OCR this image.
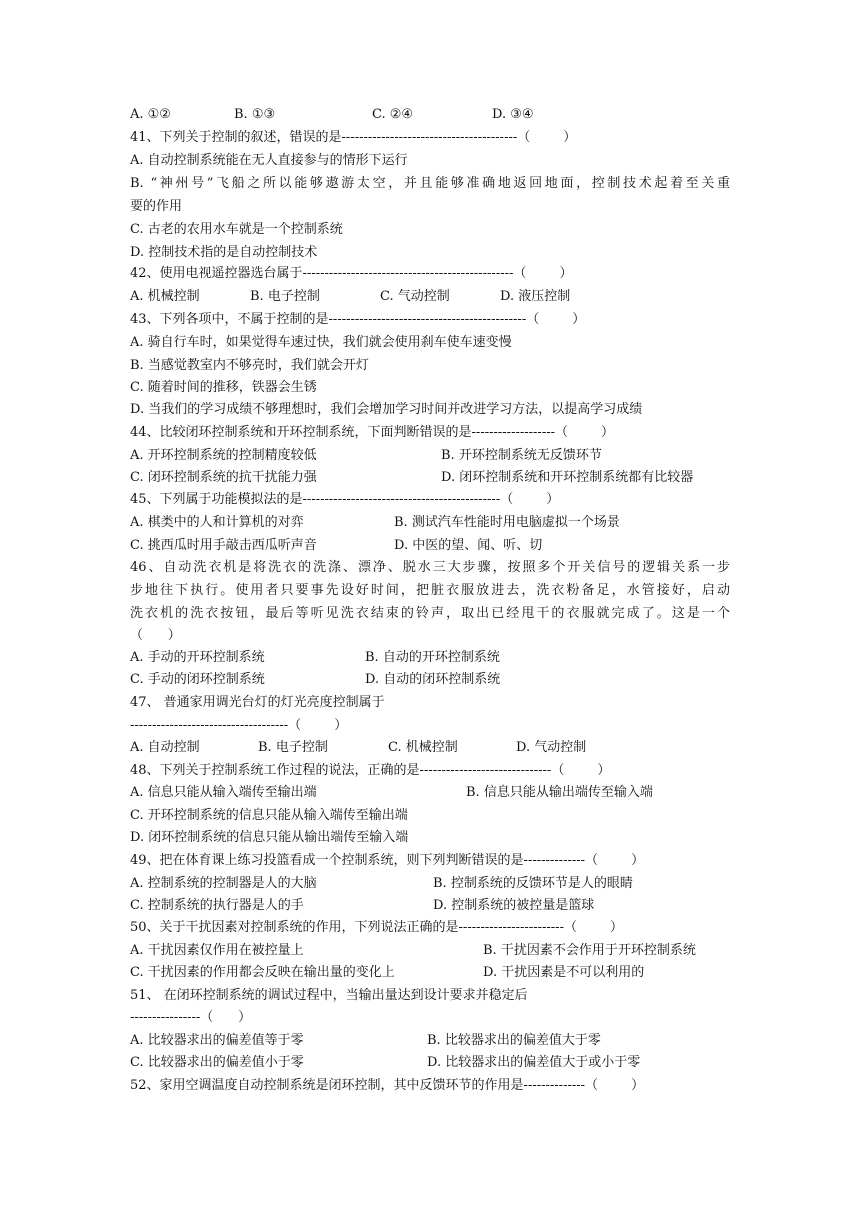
A. ①②	B. ①③	C. ②④	D. ③④
41、下列关于控制的叙述，错误的是----------------------------------------（        ）
A. 自动控制系统能在无人直接参与的情形下运行
B. “神州号”飞船之所以能够遨游太空，并且能够准确地返回地面，控制技术起着至关重
要的作用
C. 古老的农用水车就是一个控制系统
D. 控制技术指的是自动控制技术
42、使用电视遥控器选台属于------------------------------------------------（        ）
A. 机械控制	B. 电子控制	C. 气动控制	D. 液压控制
43、下列各项中，不属于控制的是---------------------------------------------（        ）
A. 骑自行车时，如果觉得车速过快，我们就会使用刹车使车速变慢
B. 当感觉教室内不够亮时，我们就会开灯
C. 随着时间的推移，铁器会生锈
D. 当我们的学习成绩不够理想时，我们会增加学习时间并改进学习方法，以提高学习成绩
44、比较闭环控制系统和开环控制系统，下面判断错误的是-------------------（        ）
A. 开环控制系统的控制精度较低	B. 开环控制系统无反馈环节
C. 闭环控制系统的抗干扰能力强	D. 闭环控制系统和开环控制系统都有比较器
45、下列属于功能模拟法的是---------------------------------------------（        ）
A. 棋类中的人和计算机的对弈	B. 测试汽车性能时用电脑虚拟一个场景
C. 挑西瓜时用手敲击西瓜听声音	D. 中医的望、闻、听、切
46、自动洗衣机是将洗衣的洗涤、漂净、脱水三大步骤，按照多个开关信号的逻辑关系一步
步地往下执行。使用者只要事先设好时间，把脏衣服放进去，洗衣粉备足，水管接好，启动
洗衣机的洗衣按钮，最后等听见洗衣结束的铃声，取出已经甩干的衣服就完成了。这是一个
（      ）
A. 手动的开环控制系统	B. 自动的开环控制系统
C. 手动的闭环控制系统	D. 自动的闭环控制系统
47、 普通家用调光台灯的灯光亮度控制属于
------------------------------------（        ）
A. 自动控制	B. 电子控制	C. 机械控制	D. 气动控制
48、下列关于控制系统工作过程的说法，正确的是------------------------------（        ）
A. 信息只能从输入端传至输出端	B. 信息只能从输出端传至输入端
C. 开环控制系统的信息只能从输入端传至输出端
D. 闭环控制系统的信息只能从输出端传至输入端
49、把在体育课上练习投篮看成一个控制系统，则下列判断错误的是--------------（        ）
A. 控制系统的控制器是人的大脑	B. 控制系统的反馈环节是人的眼睛
C. 控制系统的执行器是人的手	D. 控制系统的被控量是篮球
50、关于干扰因素对控制系统的作用，下列说法正确的是------------------------（        ）
A. 干扰因素仅作用在被控量上	B. 干扰因素不会作用于开环控制系统
C. 干扰因素的作用都会反映在输出量的变化上	D. 干扰因素是不可以利用的
51、 在闭环控制系统的调试过程中，当输出量达到设计要求并稳定后
----------------（      ）
A. 比较器求出的偏差值等于零	B. 比较器求出的偏差值大于零
C. 比较器求出的偏差值小于零	D. 比较器求出的偏差值大于或小于零
52、家用空调温度自动控制系统是闭环控制，其中反馈环节的作用是--------------（        ）
